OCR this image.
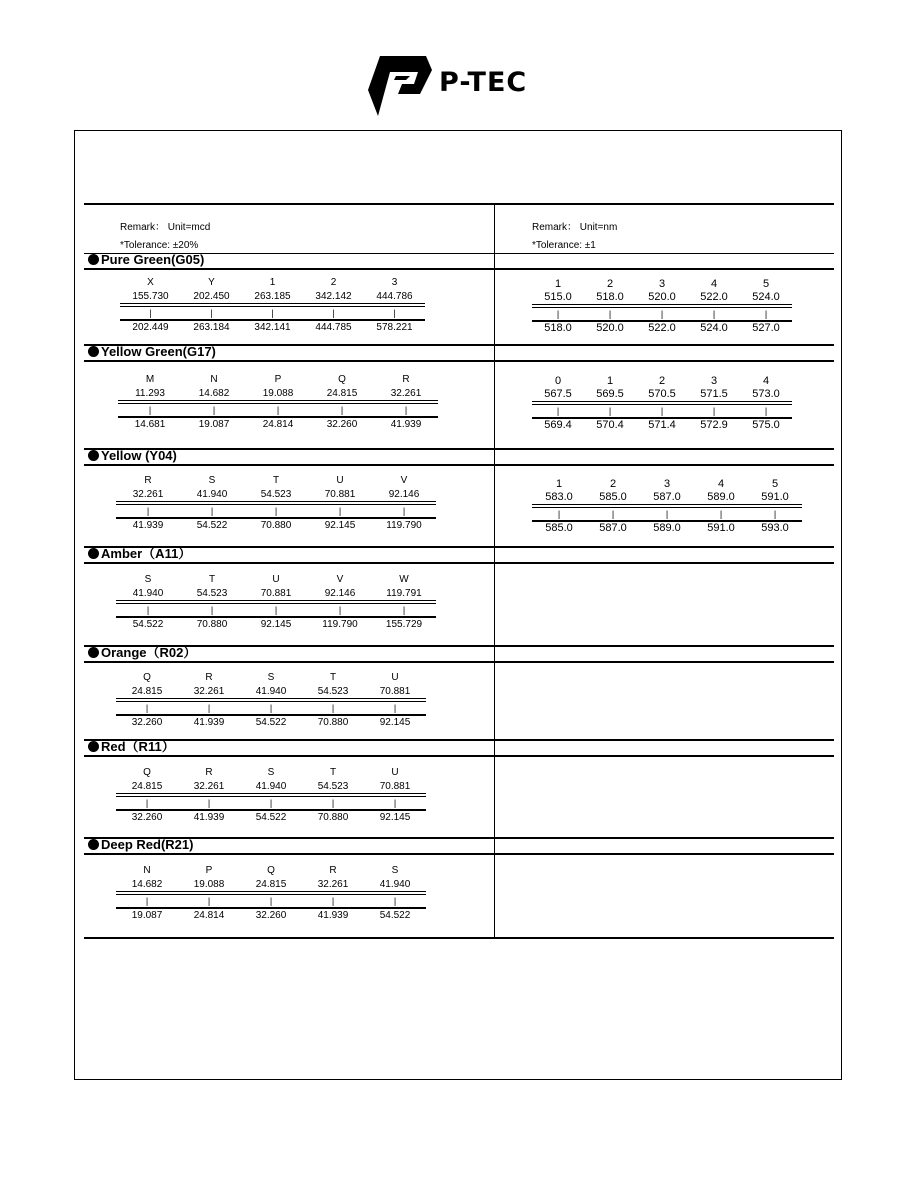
P-TEC
Remark： Unit=mcd
*Tolerance: ±20%
Remark： Unit=nm
*Tolerance: ±1
Pure Green(G05)
X	Y	1	2	3
155.730	202.450	263.185	342.142	444.786
|	|	|	|	|
202.449	263.184	342.141	444.785	578.221
1	2	3	4	5
515.0	518.0	520.0	522.0	524.0
|	|	|	|	|
518.0	520.0	522.0	524.0	527.0
Yellow Green(G17)
M	N	P	Q	R
11.293	14.682	19.088	24.815	32.261
|	|	|	|	|
14.681	19.087	24.814	32.260	41.939
0	1	2	3	4
567.5	569.5	570.5	571.5	573.0
|	|	|	|	|
569.4	570.4	571.4	572.9	575.0
Yellow (Y04)
R	S	T	U	V
32.261	41.940	54.523	70.881	92.146
|	|	|	|	|
41.939	54.522	70.880	92.145	119.790
1	2	3	4	5
583.0	585.0	587.0	589.0	591.0
|	|	|	|	|
585.0	587.0	589.0	591.0	593.0
Amber（A11）
S	T	U	V	W
41.940	54.523	70.881	92.146	119.791
|	|	|	|	|
54.522	70.880	92.145	119.790	155.729
Orange（R02）
Q	R	S	T	U
24.815	32.261	41.940	54.523	70.881
|	|	|	|	|
32.260	41.939	54.522	70.880	92.145
Red（R11）
Q	R	S	T	U
24.815	32.261	41.940	54.523	70.881
|	|	|	|	|
32.260	41.939	54.522	70.880	92.145
Deep Red(R21)
N	P	Q	R	S
14.682	19.088	24.815	32.261	41.940
|	|	|	|	|
19.087	24.814	32.260	41.939	54.522
